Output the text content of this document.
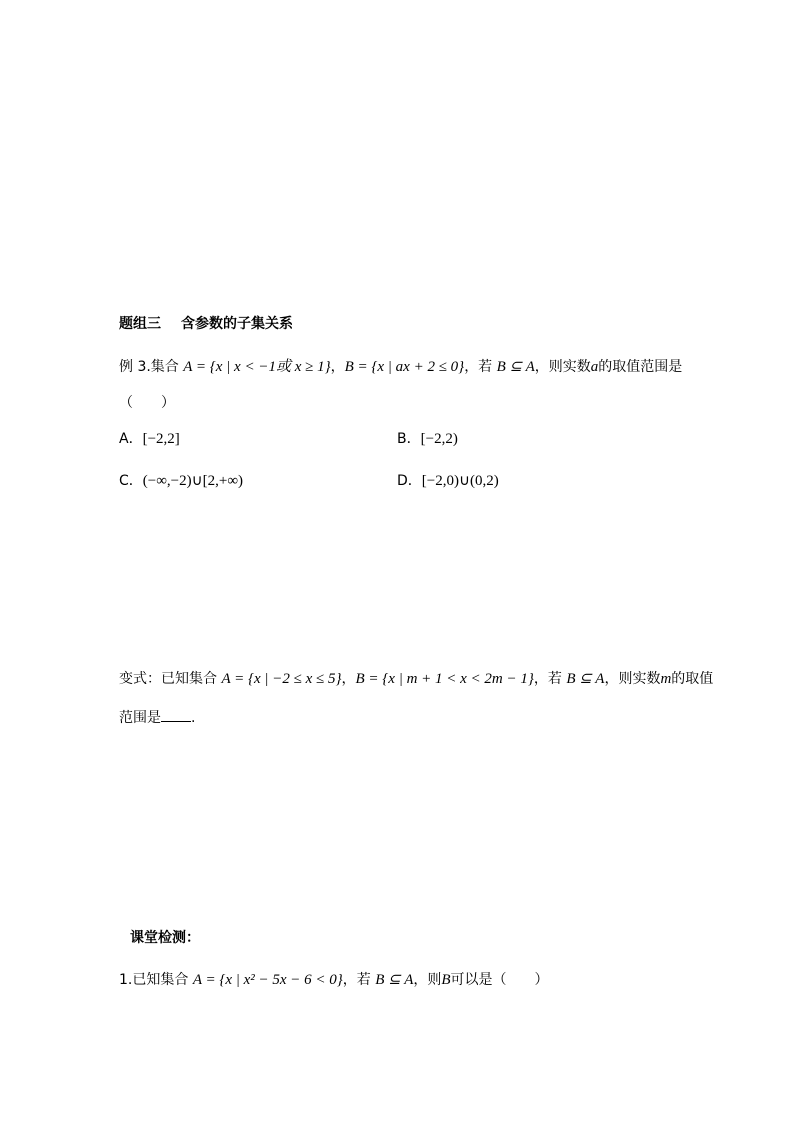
题组三 含参数的子集关系
例 3.集合 A = {x | x < −1或 x ≥ 1}，B = {x | ax + 2 ≤ 0}，若 B ⊆ A，则实数a的取值范围是
（　　）
A．[−2,2]	B．[−2,2)
C．(−∞,−2)∪[2,+∞)	D．[−2,0)∪(0,2)
变式：已知集合 A = {x | −2 ≤ x ≤ 5}，B = {x | m + 1 < x < 2m − 1}，若 B ⊆ A，则实数m的取值
范围是 .
课堂检测：
1.已知集合 A = {x | x² − 5x − 6 < 0}，若 B ⊆ A，则B可以是（　　）
